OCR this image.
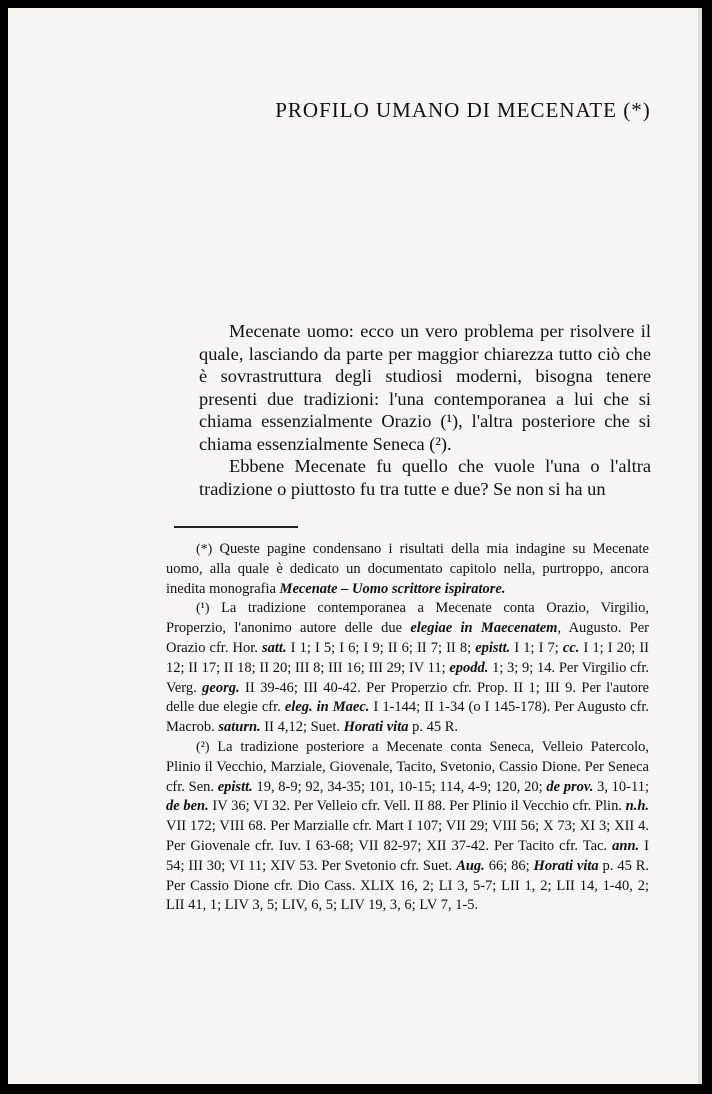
PROFILO UMANO DI MECENATE (*)

Mecenate uomo: ecco un vero problema per risolvere il quale, lasciando da parte per maggior chiarezza tutto ciò che è sovrastruttura degli studiosi moderni, bisogna tenere presenti due tradizioni: l'una contemporanea a lui che si chiama essenzialmente Orazio (¹), l'altra posteriore che si chiama essenzialmente Seneca (²).

Ebbene Mecenate fu quello che vuole l'una o l'altra tradizione o piuttosto fu tra tutte e due? Se non si ha un

(*) Queste pagine condensano i risultati della mia indagine su Mecenate uomo, alla quale è dedicato un documentato capitolo nella, purtroppo, ancora inedita monografia Mecenate – Uomo scrittore ispiratore.

(¹) La tradizione contemporanea a Mecenate conta Orazio, Virgilio, Properzio, l'anonimo autore delle due elegiae in Maecenatem, Augusto. Per Orazio cfr. Hor. satt. I 1; I 5; I 6; I 9; II 6; II 7; II 8; epistt. I 1; I 7; cc. I 1; I 20; II 12; II 17; II 18; II 20; III 8; III 16; III 29; IV 11; epodd. 1; 3; 9; 14. Per Virgilio cfr. Verg. georg. II 39-46; III 40-42. Per Properzio cfr. Prop. II 1; III 9. Per l'autore delle due elegie cfr. eleg. in Maec. I 1-144; II 1-34 (o I 145-178). Per Augusto cfr. Macrob. saturn. II 4,12; Suet. Horati vita p. 45 R.

(²) La tradizione posteriore a Mecenate conta Seneca, Velleio Patercolo, Plinio il Vecchio, Marziale, Giovenale, Tacito, Svetonio, Cassio Dione. Per Seneca cfr. Sen. epistt. 19, 8-9; 92, 34-35; 101, 10-15; 114, 4-9; 120, 20; de prov. 3, 10-11; de ben. IV 36; VI 32. Per Velleio cfr. Vell. II 88. Per Plinio il Vecchio cfr. Plin. n.h. VII 172; VIII 68. Per Marzialle cfr. Mart I 107; VII 29; VIII 56; X 73; XI 3; XII 4. Per Giovenale cfr. Iuv. I 63-68; VII 82-97; XII 37-42. Per Tacito cfr. Tac. ann. I 54; III 30; VI 11; XIV 53. Per Svetonio cfr. Suet. Aug. 66; 86; Horati vita p. 45 R. Per Cassio Dione cfr. Dio Cass. XLIX 16, 2; LI 3, 5-7; LII 1, 2; LII 14, 1-40, 2; LII 41, 1; LIV 3, 5; LIV, 6, 5; LIV 19, 3, 6; LV 7, 1-5.
